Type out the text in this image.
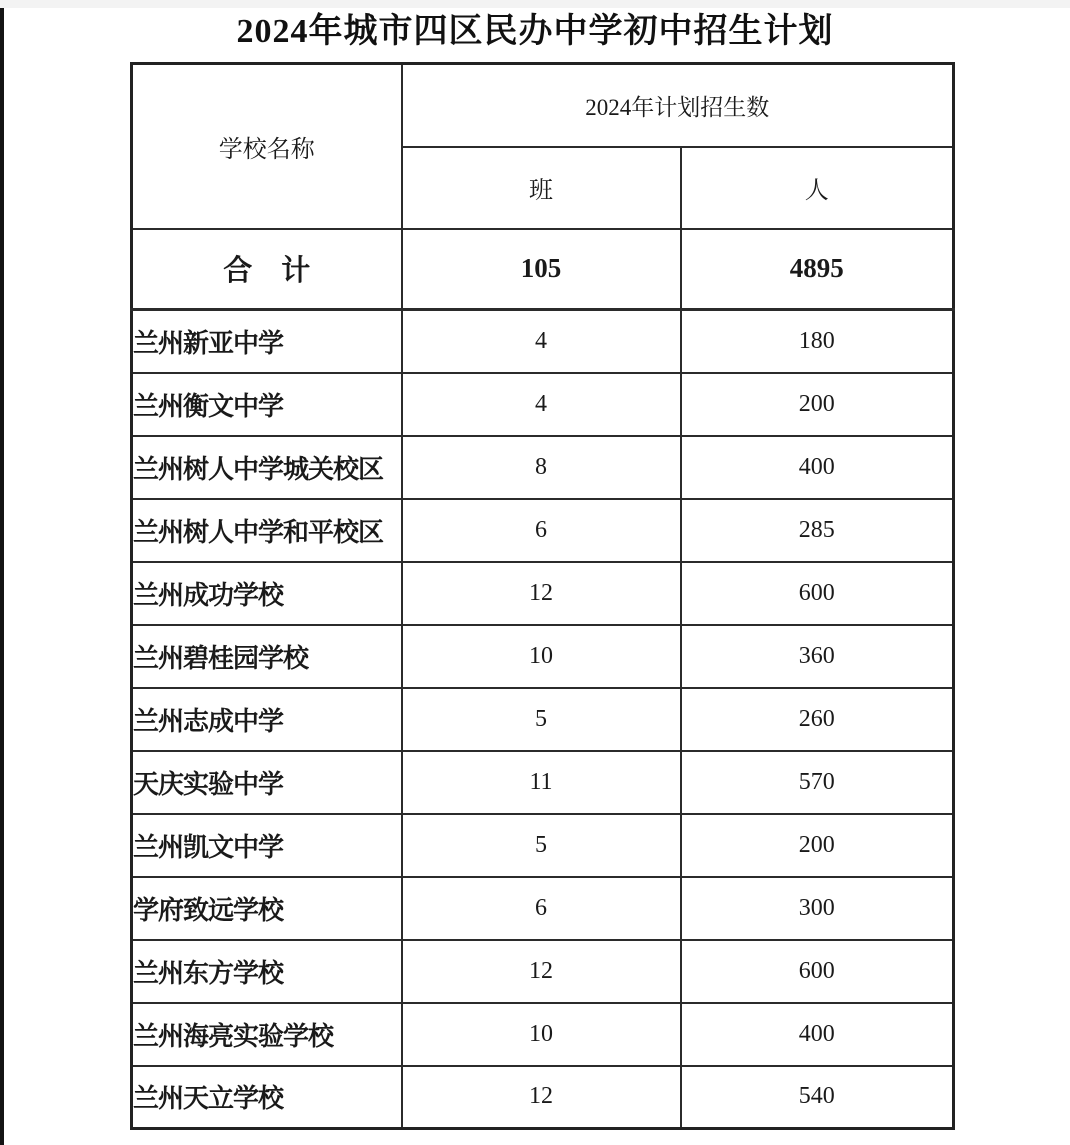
2024年城市四区民办中学初中招生计划
学校名称	2024年计划招生数	
	班	人
合　计	105	4895
兰州新亚中学	4	180
兰州衡文中学	4	200
兰州树人中学城关校区	8	400
兰州树人中学和平校区	6	285
兰州成功学校	12	600
兰州碧桂园学校	10	360
兰州志成中学	5	260
天庆实验中学	11	570
兰州凯文中学	5	200
学府致远学校	6	300
兰州东方学校	12	600
兰州海亮实验学校	10	400
兰州天立学校	12	540
